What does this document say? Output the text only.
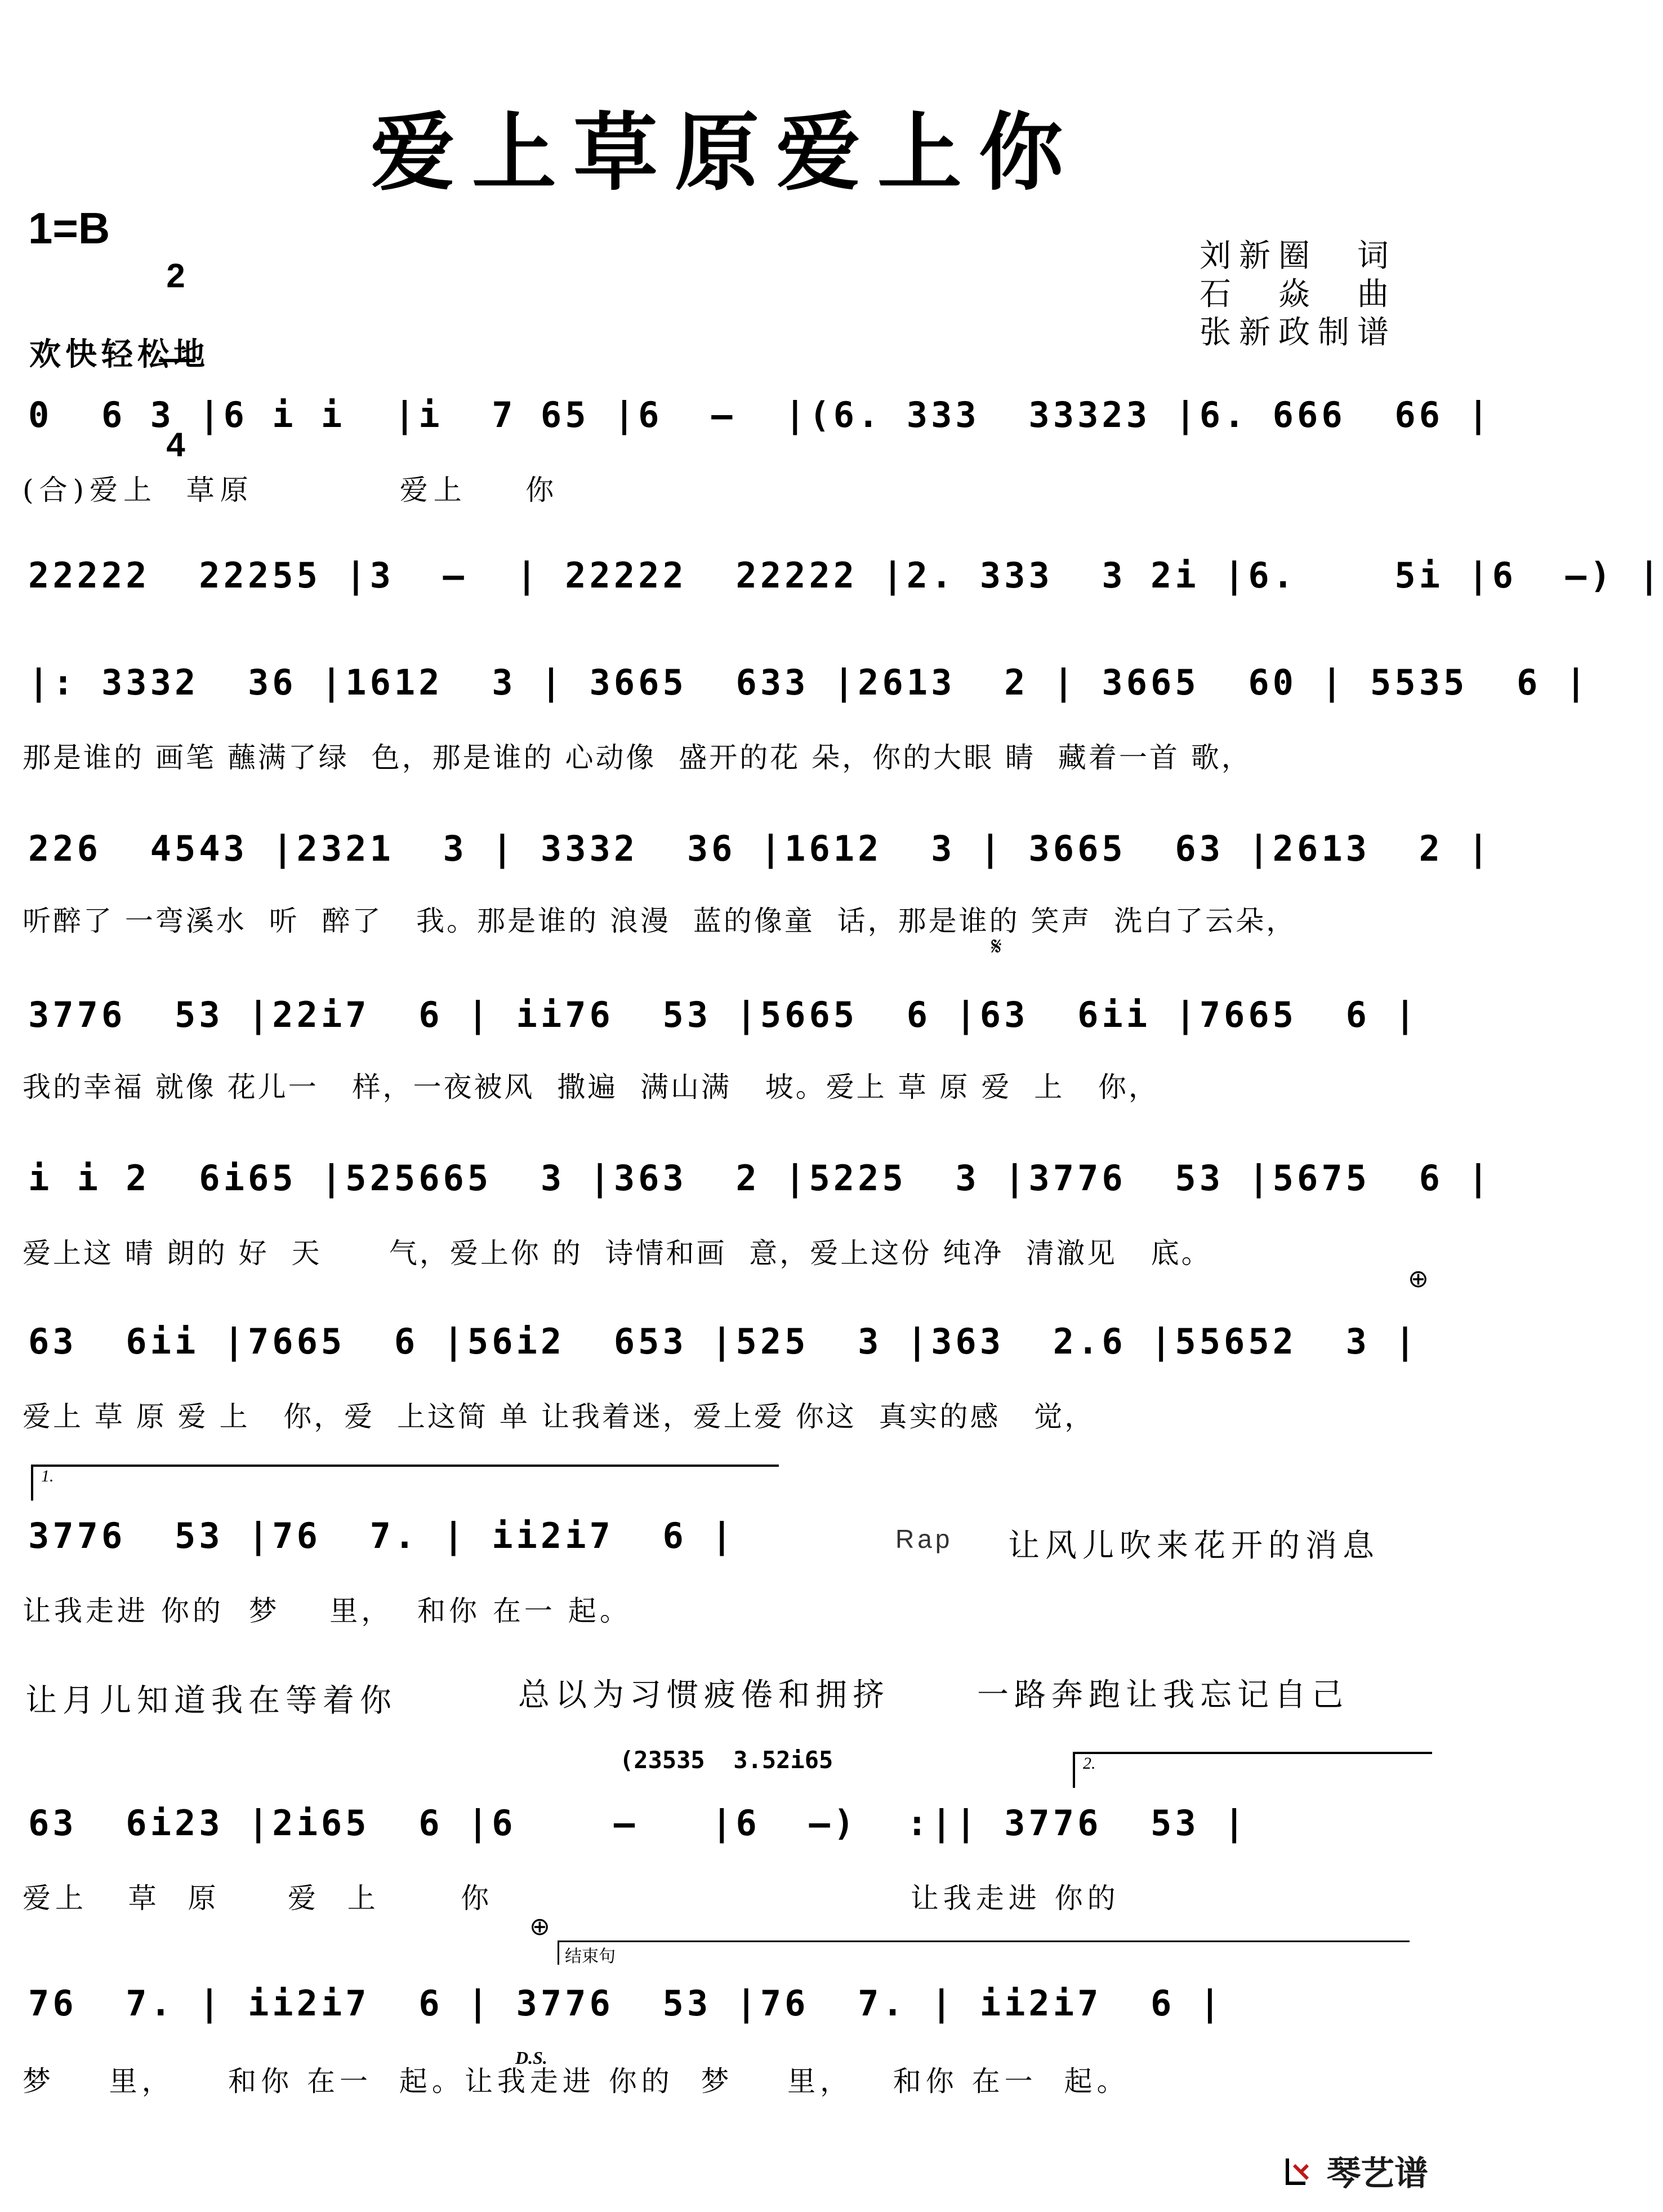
爱上草原爱上你
1=B

2

4

刘新圈　词
石　焱　曲
张新政制谱
欢快轻松地
0  6 3 |6 i i  |i  7 65 |6  –  |(6. 333  33323 |6. 666  66 |
(合)爱上  草原          爱上    你
22222  22255 |3  –  | 22222  22222 |2. 333  3 2i |6.    5i |6  –) |
|: 3332  36 |1612  3 | 3665  633 |2613  2 | 3665  60 | 5535  6 |
那是谁的 画笔 蘸满了绿  色，那是谁的 心动像  盛开的花 朵，你的大眼 睛  藏着一首 歌，
226  4543 |2321  3 | 3332  36 |1612  3 | 3665  63 |2613  2 |
听醉了 一弯溪水  听  醉了   我。那是谁的 浪漫  蓝的像童  话，那是谁的 笑声  洗白了云朵，
𝄋
3776  53 |22i7  6 | ii76  53 |5665  6 |63  6ii |7665  6 |
我的幸福 就像 花儿一   样，一夜被风  撒遍  满山满   坡。爱上 草 原 爱  上   你，
i i 2  6i65 |525665  3 |363  2 |5225  3 |3776  53 |5675  6 |
爱上这 晴 朗的 好  天      气，爱上你 的  诗情和画  意，爱上这份 纯净  清澈见   底。
⊕
63  6ii |7665  6 |56i2  653 |525  3 |363  2.6 |55652  3 |
爱上 草 原 爱 上   你，爱  上这简 单 让我着迷，爱上爱 你这  真实的感   觉，
1.
3776  53 |76  7. | ii2i7  6 |
让我走进 你的  梦    里，  和你 在一 起。
Rap 让风儿吹来花开的消息
让月儿知道我在等着你	总以为习惯疲倦和拥挤	一路奔跑让我忘记自己
(23535  3.52i65	2.
63  6i23 |2i65  6 |6    –   |6  –)  :|| 3776  53 |
爱上   草  原     爱  上      你                               让我走进 你的
⊕
结束句
76  7. | ii2i7  6 | 3776  53 |76  7. | ii2i7  6 |
D.S.
梦    里，    和你 在一  起。让我走进 你的  梦    里，   和你 在一  起。
琴艺谱
